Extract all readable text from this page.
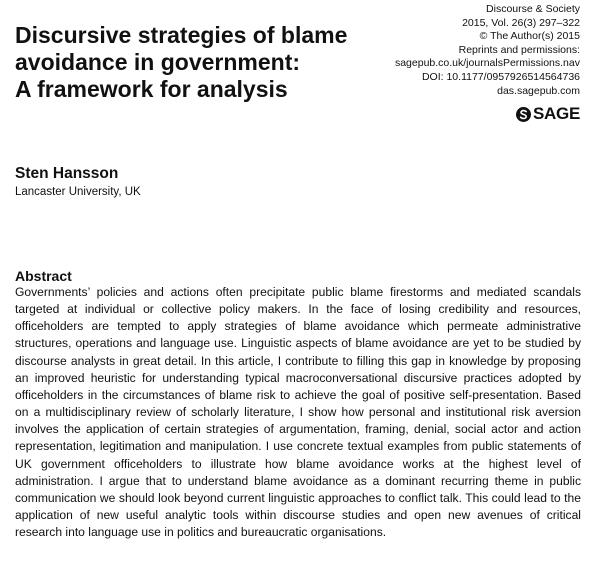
Discursive strategies of blame
avoidance in government:
A framework for analysis
Discourse & Society
2015, Vol. 26(3) 297–322
© The Author(s) 2015
Reprints and permissions:
sagepub.co.uk/journalsPermissions.nav
DOI: 10.1177/0957926514564736
das.sagepub.com
SAGE
Sten Hansson
Lancaster University, UK
Abstract

Governments’ policies and actions often precipitate public blame firestorms and mediated scandals targeted at individual or collective policy makers. In the face of losing credibility and resources, officeholders are tempted to apply strategies of blame avoidance which permeate administrative structures, operations and language use. Linguistic aspects of blame avoidance are yet to be studied by discourse analysts in great detail. In this article, I contribute to filling this gap in knowledge by proposing an improved heuristic for understanding typical macroconversational discursive practices adopted by officeholders in the circumstances of blame risk to achieve the goal of positive self-presentation. Based on a multidisciplinary review of scholarly literature, I show how personal and institutional risk aversion involves the application of certain strategies of argumentation, framing, denial, social actor and action representation, legitimation and manipulation. I use concrete textual examples from public statements of UK government officeholders to illustrate how blame avoidance works at the highest level of administration. I argue that to understand blame avoidance as a dominant recurring theme in public communication we should look beyond current linguistic approaches to conflict talk. This could lead to the application of new useful analytic tools within discourse studies and open new avenues of critical research into language use in politics and bureaucratic organisations.
